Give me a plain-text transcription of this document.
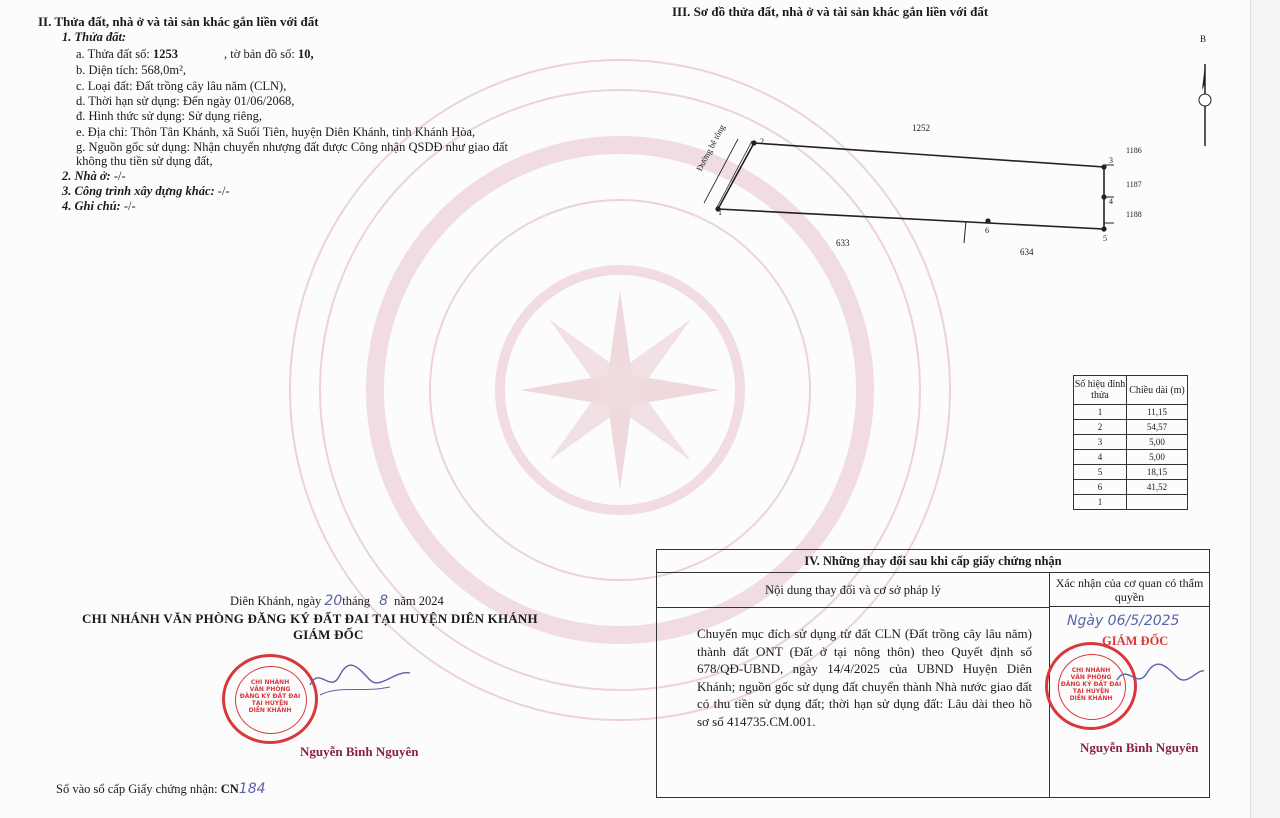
II. Thửa đất, nhà ở và tài sản khác gắn liền với đất
1. Thửa đất:
a. Thửa đất số: 1253	, tờ bản đồ số: 10,
b. Diện tích: 568,0m²,
c. Loại đất: Đất trồng cây lâu năm (CLN),
d. Thời hạn sử dụng: Đến ngày 01/06/2068,
đ. Hình thức sử dụng: Sử dụng riêng,
e. Địa chỉ: Thôn Tân Khánh, xã Suối Tiên, huyện Diên Khánh, tỉnh Khánh Hòa,
g. Nguồn gốc sử dụng: Nhận chuyển nhượng đất được Công nhận QSDĐ như giao đất
không thu tiền sử dụng đất,
2. Nhà ở: -/-
3. Công trình xây dựng khác: -/-
4. Ghi chú: -/-
III. Sơ đồ thửa đất, nhà ở và tài sản khác gắn liền với đất
B
Đường bê tông	1252
1186
1187
1188
633
634
2
3
4
5
6
1
Số hiệu đỉnh thửa	Chiều dài (m)
1	11,15
2	54,57
3	5,00
4	5,00
5	18,15
6	41,52
1	
Diên Khánh, ngày 20tháng 8 năm 2024
CHI NHÁNH VĂN PHÒNG ĐĂNG KÝ ĐẤT ĐAI TẠI HUYỆN DIÊN KHÁNH
GIÁM ĐỐC
CHI NHÁNH
VĂN PHÒNG
ĐĂNG KÝ ĐẤT ĐAI
TẠI HUYỆN
DIÊN KHÁNH
Nguyễn Bình Nguyên
Số vào sổ cấp Giấy chứng nhận: CN184
IV. Những thay đổi sau khi cấp giấy chứng nhận
Nội dung thay đổi và cơ sở pháp lý	Xác nhận của cơ quan có thẩm quyền
Chuyển mục đích sử dụng từ đất CLN (Đất trồng cây lâu năm) thành đất ONT (Đất ở tại nông thôn) theo Quyết định số 678/QĐ-UBND, ngày 14/4/2025 của UBND Huyện Diên Khánh; nguồn gốc sử dụng đất chuyển thành Nhà nước giao đất có thu tiền sử dụng đất; thời hạn sử dụng đất: Lâu dài theo hồ sơ số 414735.CM.001.
Ngày 06/5/2025
GIÁM ĐỐC
CHI NHÁNH
VĂN PHÒNG
ĐĂNG KÝ ĐẤT ĐAI
TẠI HUYỆN
DIÊN KHÁNH
Nguyễn Bình Nguyên
